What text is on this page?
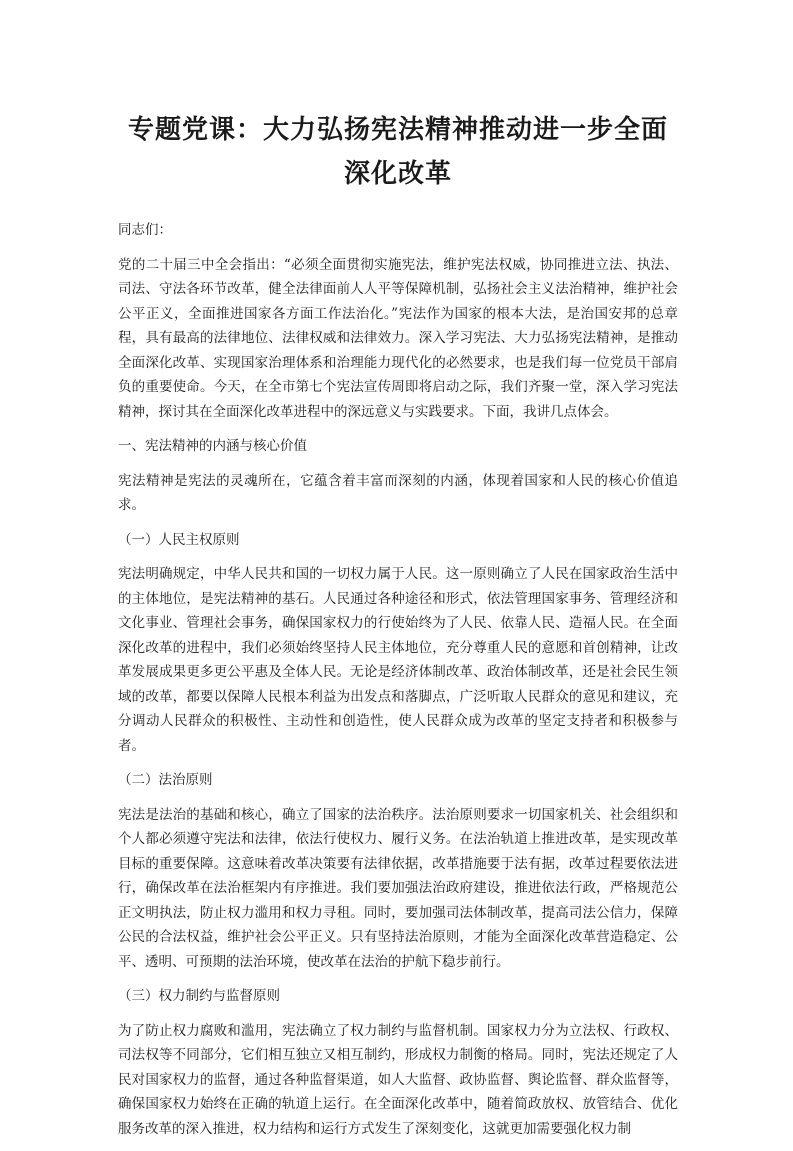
专题党课：大力弘扬宪法精神推动进一步全面深化改革

同志们：

党的二十届三中全会指出：“必须全面贯彻实施宪法，维护宪法权威，协同推进立法、执法、司法、守法各环节改革，健全法律面前人人平等保障机制，弘扬社会主义法治精神，维护社会公平正义，全面推进国家各方面工作法治化。”宪法作为国家的根本大法，是治国安邦的总章程，具有最高的法律地位、法律权威和法律效力。深入学习宪法、大力弘扬宪法精神，是推动全面深化改革、实现国家治理体系和治理能力现代化的必然要求，也是我们每一位党员干部肩负的重要使命。今天，在全市第七个宪法宣传周即将启动之际，我们齐聚一堂，深入学习宪法精神，探讨其在全面深化改革进程中的深远意义与实践要求。下面，我讲几点体会。

一、宪法精神的内涵与核心价值

宪法精神是宪法的灵魂所在，它蕴含着丰富而深刻的内涵，体现着国家和人民的核心价值追求。

（一）人民主权原则

宪法明确规定，中华人民共和国的一切权力属于人民。这一原则确立了人民在国家政治生活中的主体地位，是宪法精神的基石。人民通过各种途径和形式，依法管理国家事务、管理经济和文化事业、管理社会事务，确保国家权力的行使始终为了人民、依靠人民、造福人民。在全面深化改革的进程中，我们必须始终坚持人民主体地位，充分尊重人民的意愿和首创精神，让改革发展成果更多更公平惠及全体人民。无论是经济体制改革、政治体制改革，还是社会民生领域的改革，都要以保障人民根本利益为出发点和落脚点，广泛听取人民群众的意见和建议，充分调动人民群众的积极性、主动性和创造性，使人民群众成为改革的坚定支持者和积极参与者。

（二）法治原则

宪法是法治的基础和核心，确立了国家的法治秩序。法治原则要求一切国家机关、社会组织和个人都必须遵守宪法和法律，依法行使权力、履行义务。在法治轨道上推进改革，是实现改革目标的重要保障。这意味着改革决策要有法律依据，改革措施要于法有据，改革过程要依法进行，确保改革在法治框架内有序推进。我们要加强法治政府建设，推进依法行政，严格规范公正文明执法，防止权力滥用和权力寻租。同时，要加强司法体制改革，提高司法公信力，保障公民的合法权益，维护社会公平正义。只有坚持法治原则，才能为全面深化改革营造稳定、公平、透明、可预期的法治环境，使改革在法治的护航下稳步前行。

（三）权力制约与监督原则

为了防止权力腐败和滥用，宪法确立了权力制约与监督机制。国家权力分为立法权、行政权、司法权等不同部分，它们相互独立又相互制约，形成权力制衡的格局。同时，宪法还规定了人民对国家权力的监督，通过各种监督渠道，如人大监督、政协监督、舆论监督、群众监督等，确保国家权力始终在正确的轨道上运行。在全面深化改革中，随着简政放权、放管结合、优化服务改革的深入推进，权力结构和运行方式发生了深刻变化，这就更加需要强化权力制
